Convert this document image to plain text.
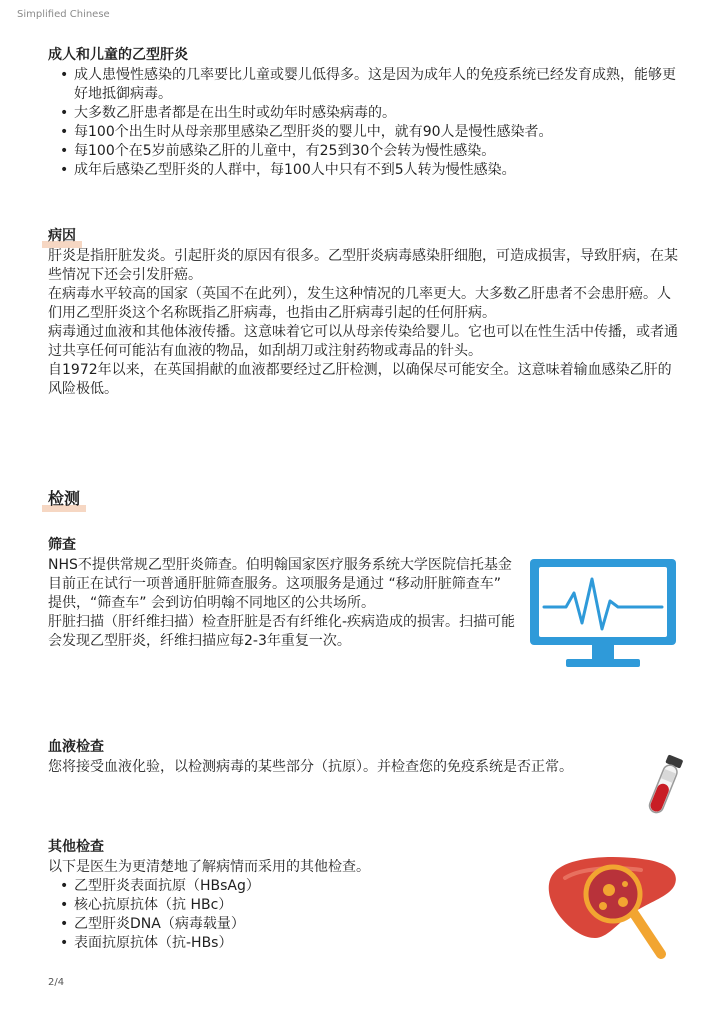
Simplified Chinese
成人和儿童的乙型肝炎
• 成人患慢性感染的几率要比儿童或婴儿低得多。这是因为成年人的免疫系统已经发育成熟，能够更好地抵御病毒。
• 大多数乙肝患者都是在出生时或幼年时感染病毒的。
• 每100个出生时从母亲那里感染乙型肝炎的婴儿中，就有90人是慢性感染者。
• 每100个在5岁前感染乙肝的儿童中，有25到30个会转为慢性感染。
• 成年后感染乙型肝炎的人群中，每100人中只有不到5人转为慢性感染。
病因

肝炎是指肝脏发炎。引起肝炎的原因有很多。乙型肝炎病毒感染肝细胞，可造成损害，导致肝病，在某些情况下还会引发肝癌。

在病毒水平较高的国家（英国不在此列），发生这种情况的几率更大。大多数乙肝患者不会患肝癌。人们用乙型肝炎这个名称既指乙肝病毒，也指由乙肝病毒引起的任何肝病。

病毒通过血液和其他体液传播。这意味着它可以从母亲传染给婴儿。它也可以在性生活中传播，或者通过共享任何可能沾有血液的物品，如刮胡刀或注射药物或毒品的针头。

自1972年以来，在英国捐献的血液都要经过乙肝检测，以确保尽可能安全。这意味着输血感染乙肝的风险极低。

检测
筛查

NHS不提供常规乙型肝炎筛查。伯明翰国家医疗服务系统大学医院信托基金目前正在试行一项普通肝脏筛查服务。这项服务是通过 “移动肝脏筛查车” 提供，“筛查车” 会到访伯明翰不同地区的公共场所。

肝脏扫描（肝纤维扫描）检查肝脏是否有纤维化-疾病造成的损害。扫描可能会发现乙型肝炎，纤维扫描应每2-3年重复一次。

血液检查

您将接受血液化验，以检测病毒的某些部分（抗原）。并检查您的免疫系统是否正常。

其他检查

以下是医生为更清楚地了解病情而采用的其他检查。

• 乙型肝炎表面抗原（HBsAg）
• 核心抗原抗体（抗 HBc）
• 乙型肝炎DNA（病毒载量）
• 表面抗原抗体（抗-HBs）
2/4
